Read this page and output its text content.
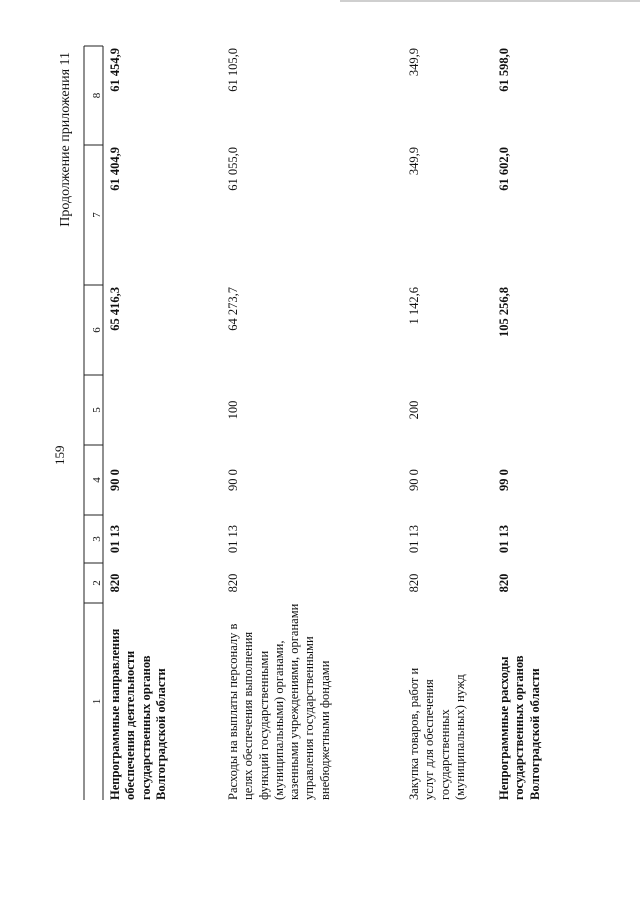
159
Продолжение приложения 11
1
2
3
4
5
6
7
8
Непрограммные направления обеспечения деятельности государственных органов Волгоградской области
820
01 13
90 0
65 416,3
61 404,9
61 454,9
Расходы на выплаты персоналу в целях обеспечения выполнения функций государственными (муниципальными) органами, казенными учреждениями, органами управления государственными внебюджетными фондами
820
01 13
90 0
100
64 273,7
61 055,0
61 105,0
Закупка товаров, работ и услуг для обеспечения государственных (муниципальных) нужд
820
01 13
90 0
200
1 142,6
349,9
349,9
Непрограммные расходы государственных органов Волгоградской области
820
01 13
99 0
105 256,8
61 602,0
61 598,0
